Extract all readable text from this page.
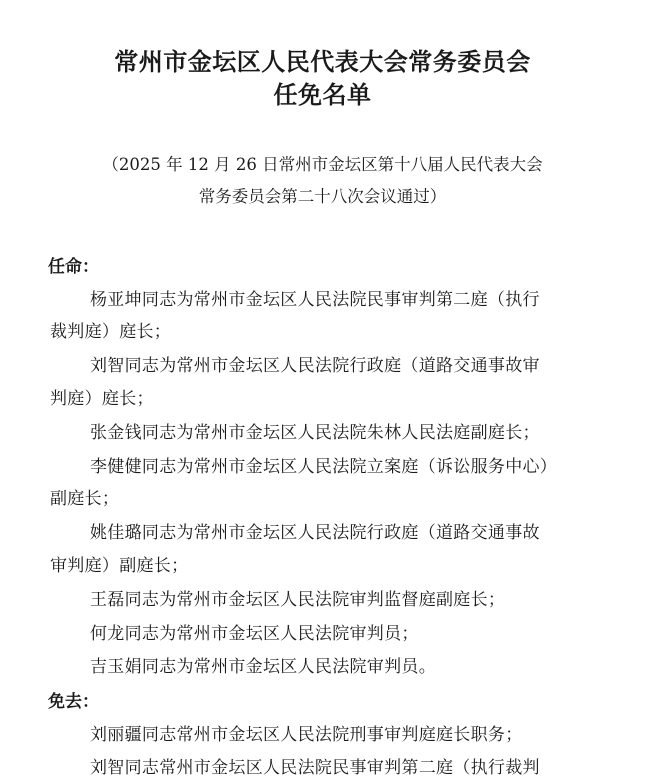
常州市金坛区人民代表大会常务委员会
任免名单
（2025 年 12 月 26 日常州市金坛区第十八届人民代表大会
常务委员会第二十八次会议通过）
任命：
杨亚坤同志为常州市金坛区人民法院民事审判第二庭（执行
裁判庭）庭长；
刘智同志为常州市金坛区人民法院行政庭（道路交通事故审
判庭）庭长；
张金钱同志为常州市金坛区人民法院朱林人民法庭副庭长；
李健健同志为常州市金坛区人民法院立案庭（诉讼服务中心）
副庭长；
姚佳璐同志为常州市金坛区人民法院行政庭（道路交通事故
审判庭）副庭长；
王磊同志为常州市金坛区人民法院审判监督庭副庭长；
何龙同志为常州市金坛区人民法院审判员；
吉玉娟同志为常州市金坛区人民法院审判员。
免去：
刘丽疆同志常州市金坛区人民法院刑事审判庭庭长职务；
刘智同志常州市金坛区人民法院民事审判第二庭（执行裁判
